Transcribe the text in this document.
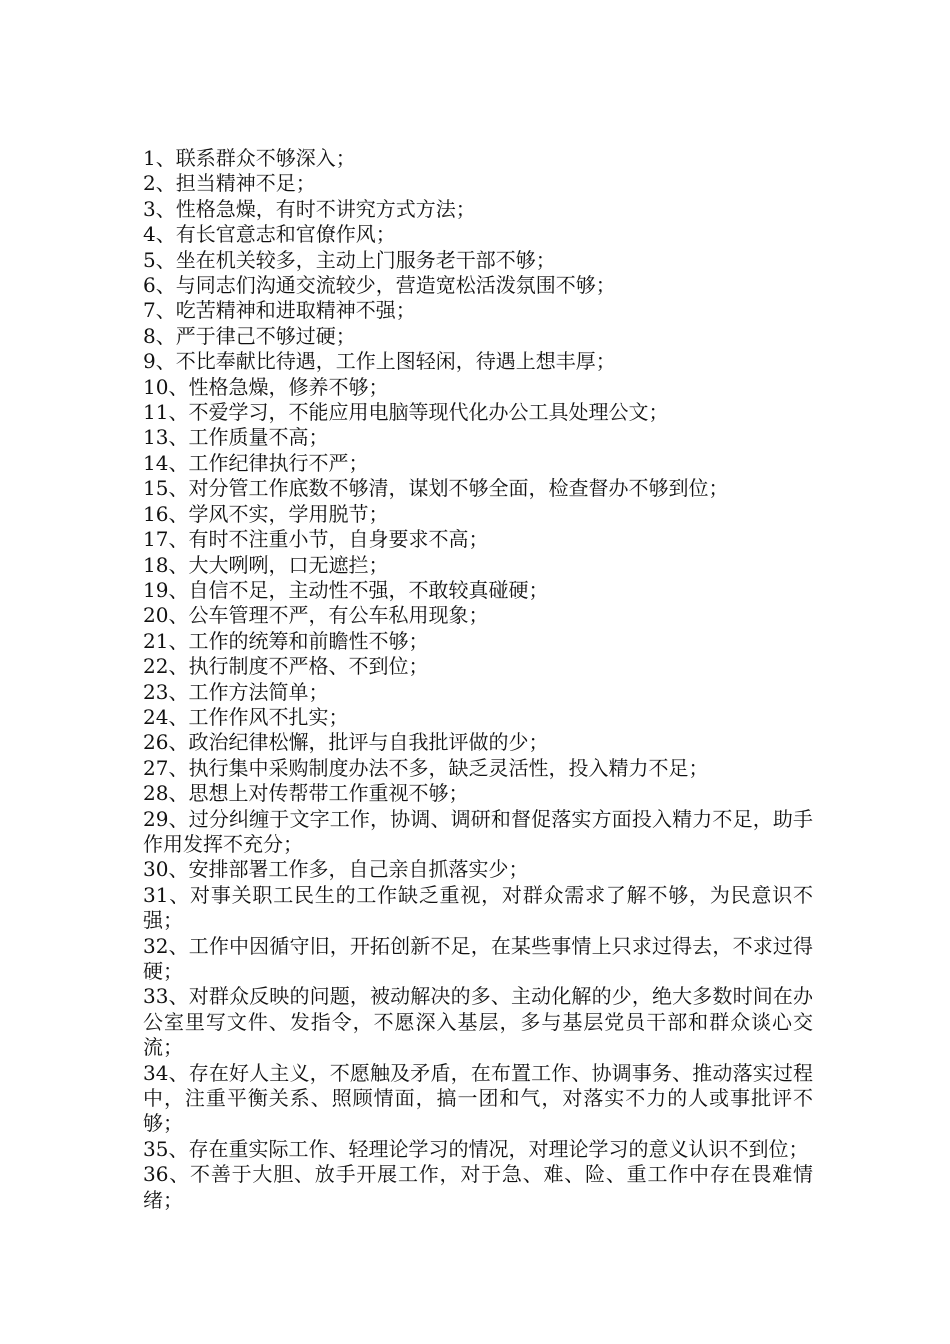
1、联系群众不够深入；

2、担当精神不足；

3、性格急燥，有时不讲究方式方法；

4、有长官意志和官僚作风；

5、坐在机关较多，主动上门服务老干部不够；

6、与同志们沟通交流较少，营造宽松活泼氛围不够；

7、吃苦精神和进取精神不强；

8、严于律己不够过硬；

9、不比奉献比待遇，工作上图轻闲，待遇上想丰厚；

10、性格急燥，修养不够；

11、不爱学习，不能应用电脑等现代化办公工具处理公文；

13、工作质量不高；

14、工作纪律执行不严；

15、对分管工作底数不够清，谋划不够全面，检查督办不够到位；

16、学风不实，学用脱节；

17、有时不注重小节，自身要求不高；

18、大大咧咧，口无遮拦；

19、自信不足，主动性不强，不敢较真碰硬；

20、公车管理不严，有公车私用现象；

21、工作的统筹和前瞻性不够；

22、执行制度不严格、不到位；

23、工作方法简单；

24、工作作风不扎实；

26、政治纪律松懈，批评与自我批评做的少；

27、执行集中采购制度办法不多，缺乏灵活性，投入精力不足；

28、思想上对传帮带工作重视不够；

29、过分纠缠于文字工作，协调、调研和督促落实方面投入精力不足，助手作用发挥不充分；

30、安排部署工作多，自己亲自抓落实少；

31、对事关职工民生的工作缺乏重视，对群众需求了解不够，为民意识不强；

32、工作中因循守旧，开拓创新不足，在某些事情上只求过得去，不求过得硬；

33、对群众反映的问题，被动解决的多、主动化解的少，绝大多数时间在办公室里写文件、发指令，不愿深入基层，多与基层党员干部和群众谈心交流；

34、存在好人主义，不愿触及矛盾，在布置工作、协调事务、推动落实过程中，注重平衡关系、照顾情面，搞一团和气，对落实不力的人或事批评不够；

35、存在重实际工作、轻理论学习的情况，对理论学习的意义认识不到位；

36、不善于大胆、放手开展工作，对于急、难、险、重工作中存在畏难情绪；
